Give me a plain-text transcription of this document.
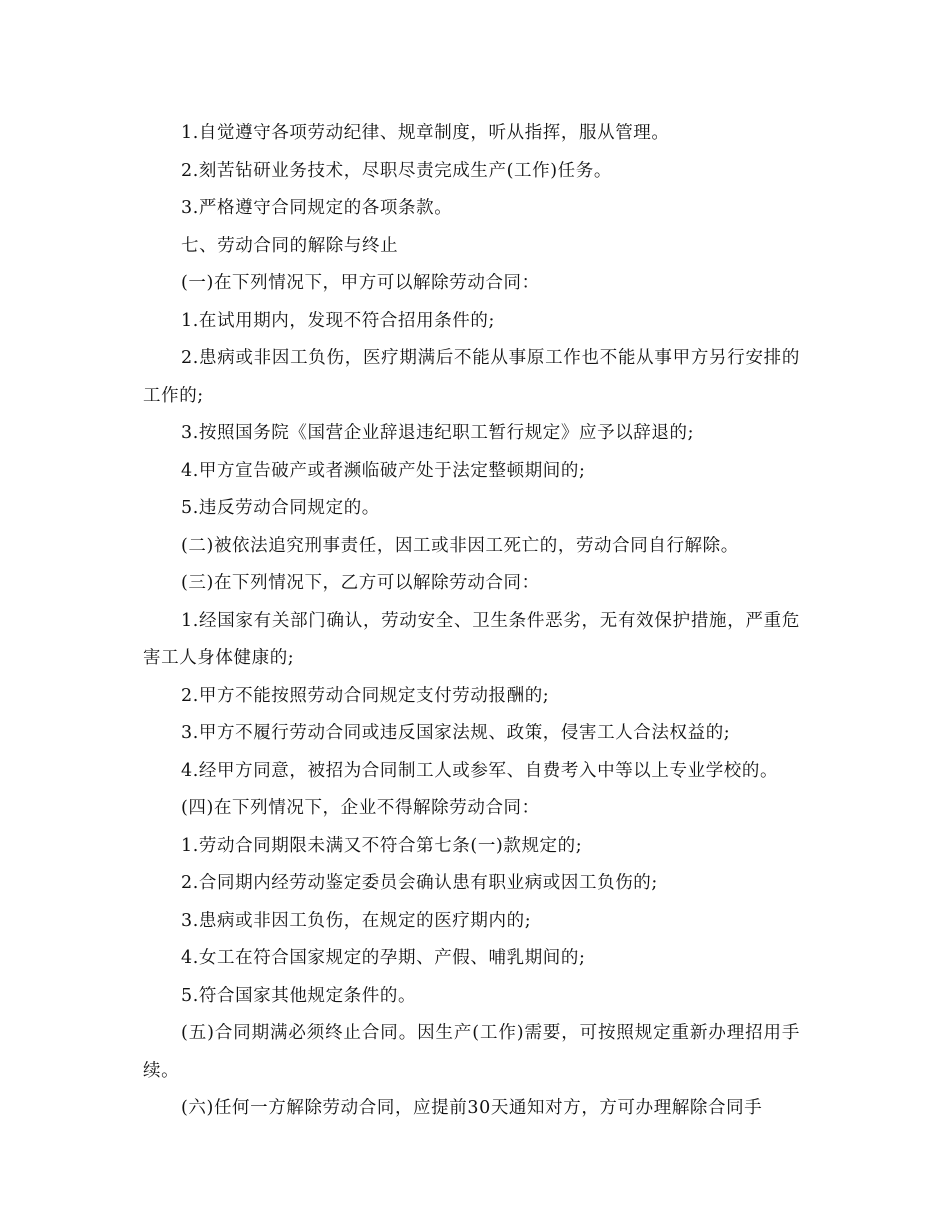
1.自觉遵守各项劳动纪律、规章制度，听从指挥，服从管理。

2.刻苦钻研业务技术，尽职尽责完成生产(工作)任务。

3.严格遵守合同规定的各项条款。

七、劳动合同的解除与终止

(一)在下列情况下，甲方可以解除劳动合同：

1.在试用期内，发现不符合招用条件的;

2.患病或非因工负伤，医疗期满后不能从事原工作也不能从事甲方另行安排的工作的;

3.按照国务院《国营企业辞退违纪职工暂行规定》应予以辞退的;

4.甲方宣告破产或者濒临破产处于法定整顿期间的;

5.违反劳动合同规定的。

(二)被依法追究刑事责任，因工或非因工死亡的，劳动合同自行解除。

(三)在下列情况下，乙方可以解除劳动合同：

1.经国家有关部门确认，劳动安全、卫生条件恶劣，无有效保护措施，严重危害工人身体健康的;

2.甲方不能按照劳动合同规定支付劳动报酬的;

3.甲方不履行劳动合同或违反国家法规、政策，侵害工人合法权益的;

4.经甲方同意，被招为合同制工人或参军、自费考入中等以上专业学校的。

(四)在下列情况下，企业不得解除劳动合同：

1.劳动合同期限未满又不符合第七条(一)款规定的;

2.合同期内经劳动鉴定委员会确认患有职业病或因工负伤的;

3.患病或非因工负伤，在规定的医疗期内的;

4.女工在符合国家规定的孕期、产假、哺乳期间的;

5.符合国家其他规定条件的。

(五)合同期满必须终止合同。因生产(工作)需要，可按照规定重新办理招用手续。

(六)任何一方解除劳动合同，应提前30天通知对方，方可办理解除合同手
